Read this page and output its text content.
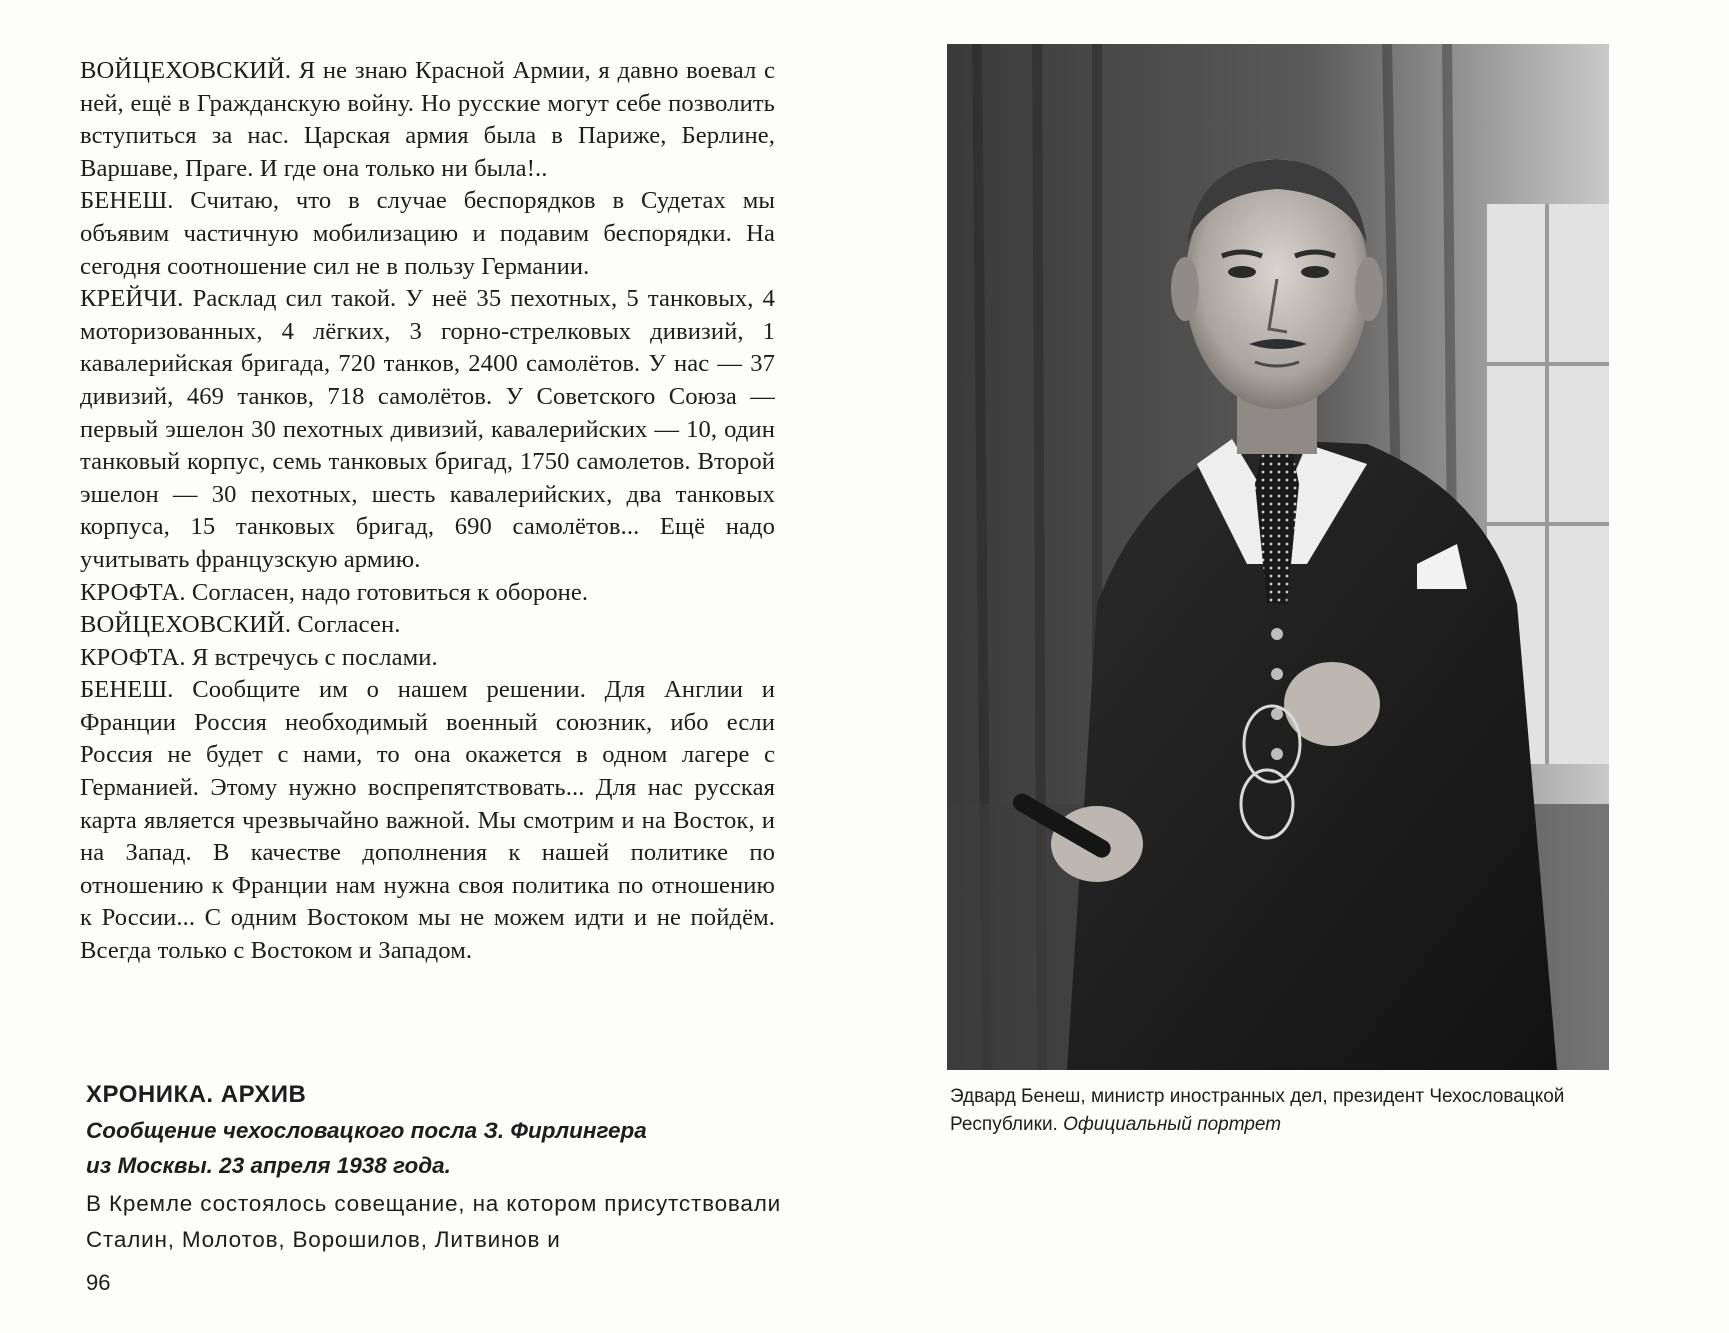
ВОЙЦЕХОВСКИЙ. Я не знаю Красной Армии, я давно воевал с ней, ещё в Гражданскую войну. Но русские могут себе позволить вступиться за нас. Царская армия была в Париже, Берлине, Варшаве, Праге. И где она только ни была!..

БЕНЕШ. Считаю, что в случае беспорядков в Судетах мы объявим частичную мобилизацию и подавим беспорядки. На сегодня соотношение сил не в пользу Германии.

КРЕЙЧИ. Расклад сил такой. У неё 35 пехотных, 5 танковых, 4 моторизованных, 4 лёгких, 3 горно-стрелковых дивизий, 1 кавалерийская бригада, 720 танков, 2400 самолётов. У нас — 37 дивизий, 469 танков, 718 самолётов. У Советского Союза — первый эшелон 30 пехотных дивизий, кавалерийских — 10, один танковый корпус, семь танковых бригад, 1750 самолетов. Второй эшелон — 30 пехотных, шесть кавалерийских, два танковых корпуса, 15 танковых бригад, 690 самолётов... Ещё надо учитывать французскую армию.

КРОФТА. Согласен, надо готовиться к обороне.

ВОЙЦЕХОВСКИЙ. Согласен.

КРОФТА. Я встречусь с послами.

БЕНЕШ. Сообщите им о нашем решении. Для Англии и Франции Россия необходимый военный союзник, ибо если Россия не будет с нами, то она окажется в одном лагере с Германией. Этому нужно воспрепятствовать... Для нас русская карта является чрезвычайно важной. Мы смотрим и на Восток, и на Запад. В качестве дополнения к нашей политике по отношению к Франции нам нужна своя политика по отношению к России... С одним Востоком мы не можем идти и не пойдём. Всегда только с Востоком и Западом.

ХРОНИКА. АРХИВ
Сообщение чехословацкого посла З. Фирлингера
из Москвы. 23 апреля 1938 года.
В Кремле состоялось совещание, на котором присутствовали Сталин, Молотов, Ворошилов, Литвинов и
96
Эдвард Бенеш, министр иностранных дел, президент Чехословацкой Республики. Официальный портрет
